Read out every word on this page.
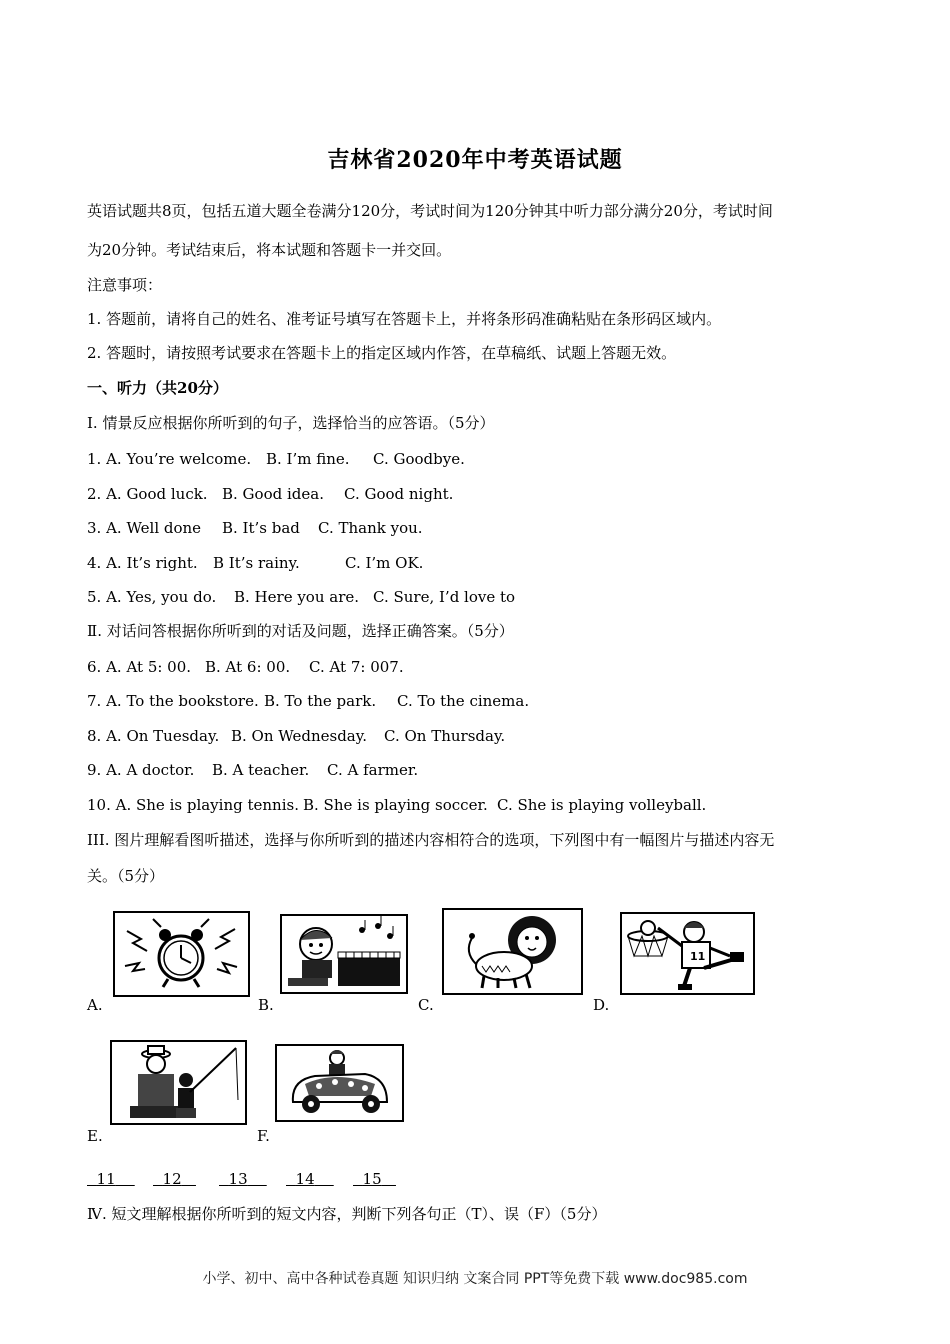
吉林省2020年中考英语试题
英语试题共8页，包括五道大题全卷满分120分，考试时间为120分钟其中听力部分满分20分，考试时间
为20分钟。考试结束后，将本试题和答题卡一并交回。
注意事项：
1. 答题前，请将自己的姓名、准考证号填写在答题卡上，并将条形码准确粘贴在条形码区域内。
2. 答题时，请按照考试要求在答题卡上的指定区域内作答，在草稿纸、试题上答题无效。
一、听力（共20分）
Ⅰ. 情景反应根据你所听到的句子，选择恰当的应答语。（5分）
1. A. You’re welcome. B. I’m fine. C. Goodbye.
2. A. Good luck. B. Good idea. C. Good night.
3. A. Well done B. It’s bad C. Thank you.
4. A. It’s right. B It’s rainy.	C. I’m OK.
5. A. Yes, you do. B. Here you are. C. Sure, I’d love to
Ⅱ. 对话问答根据你所听到的对话及问题，选择正确答案。（5分）
6. A. At 5: 00. B. At 6: 00. C. At 7: 007.
7. A. To the bookstore. B. To the park. C. To the cinema.
8. A. On Tuesday. B. On Wednesday. C. On Thursday.
9. A. A doctor. B. A teacher. C. A farmer.
10. A. She is playing tennis. B. She is playing soccer. C. She is playing volleyball.
III. 图片理解看图听描述，选择与你所听到的描述内容相符合的选项，下列图中有一幅图片与描述内容无
关。（5分）
A.	B.	C.
11
D.
E.	F.
11	12	13	14	15
Ⅳ. 短文理解根据你所听到的短文内容，判断下列各句正（T）、误（F）（5分）
小学、初中、高中各种试卷真题 知识归纳 文案合同 PPT等免费下载 www.doc985.com
